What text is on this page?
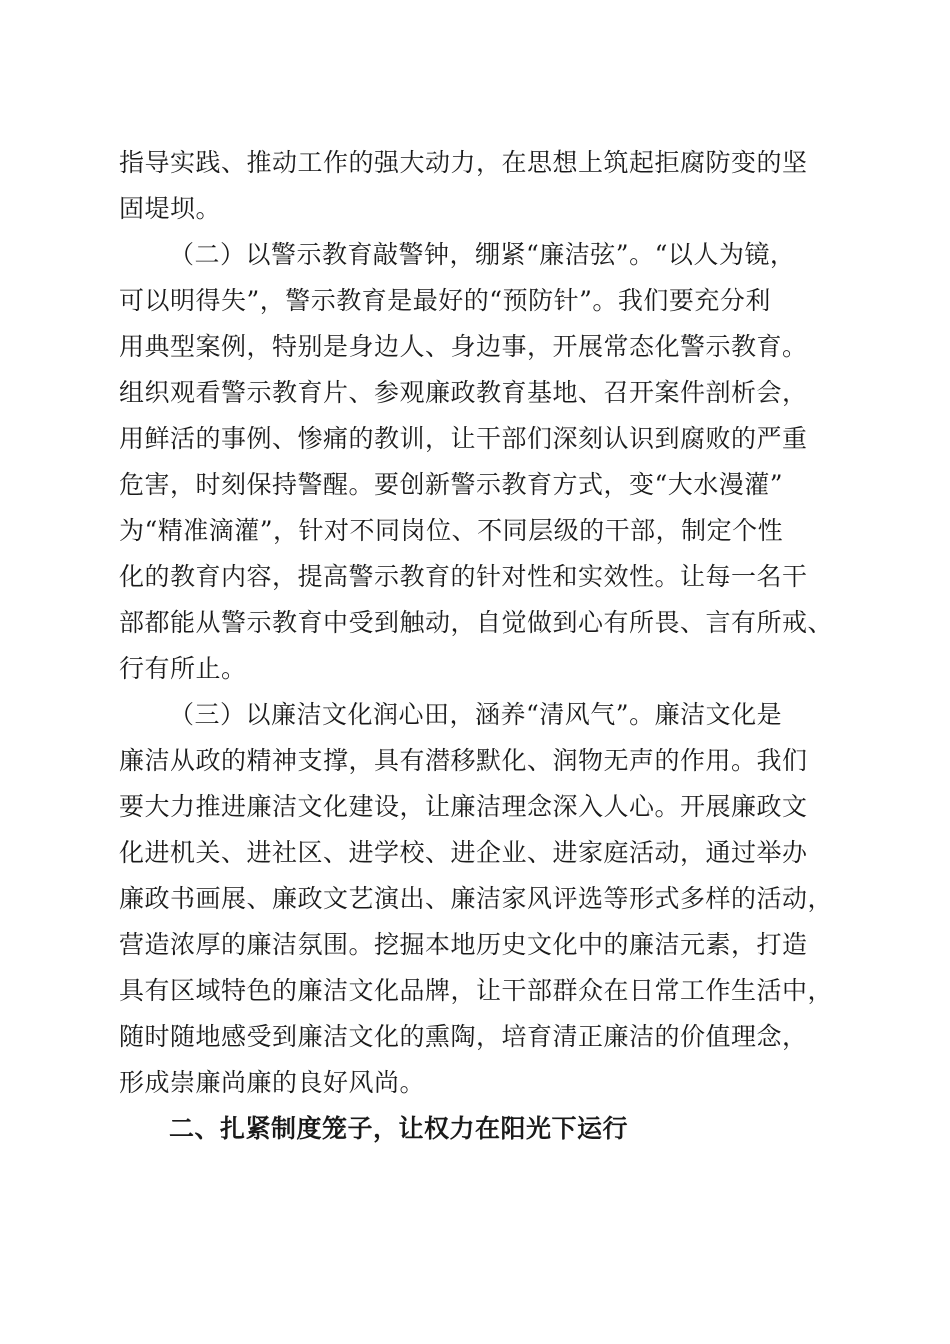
指导实践、推动工作的强大动力，在思想上筑起拒腐防变的坚
固堤坝。
（二）以警示教育敲警钟，绷紧“廉洁弦”。“以人为镜，
可以明得失”，警示教育是最好的“预防针”。我们要充分利
用典型案例，特别是身边人、身边事，开展常态化警示教育。
组织观看警示教育片、参观廉政教育基地、召开案件剖析会，
用鲜活的事例、惨痛的教训，让干部们深刻认识到腐败的严重
危害，时刻保持警醒。要创新警示教育方式，变“大水漫灌”
为“精准滴灌”，针对不同岗位、不同层级的干部，制定个性
化的教育内容，提高警示教育的针对性和实效性。让每一名干
部都能从警示教育中受到触动，自觉做到心有所畏、言有所戒、
行有所止。
（三）以廉洁文化润心田，涵养“清风气”。廉洁文化是
廉洁从政的精神支撑，具有潜移默化、润物无声的作用。我们
要大力推进廉洁文化建设，让廉洁理念深入人心。开展廉政文
化进机关、进社区、进学校、进企业、进家庭活动，通过举办
廉政书画展、廉政文艺演出、廉洁家风评选等形式多样的活动，
营造浓厚的廉洁氛围。挖掘本地历史文化中的廉洁元素，打造
具有区域特色的廉洁文化品牌，让干部群众在日常工作生活中，
随时随地感受到廉洁文化的熏陶，培育清正廉洁的价值理念，
形成崇廉尚廉的良好风尚。
二、扎紧制度笼子，让权力在阳光下运行
